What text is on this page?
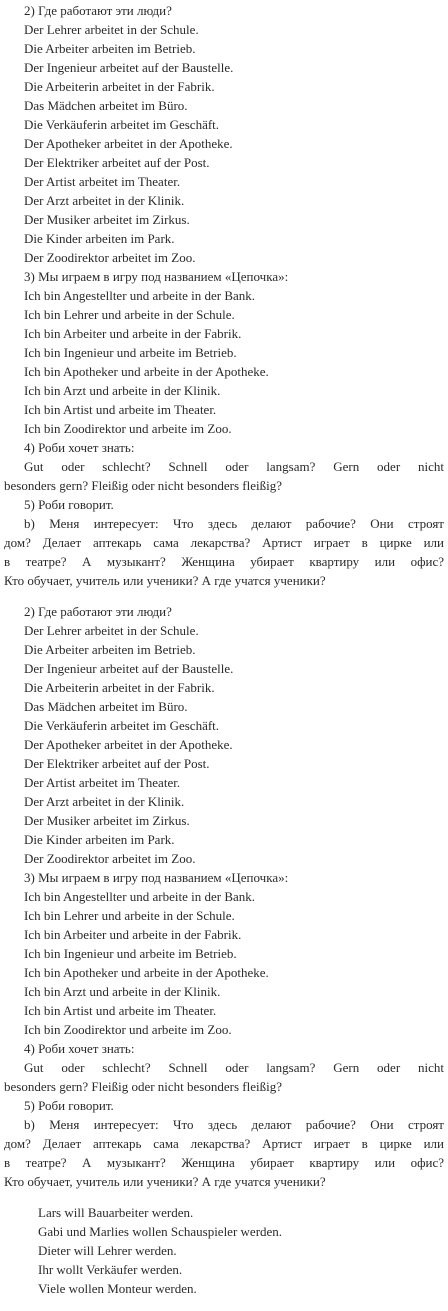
2) Где работают эти люди?
Der Lehrer arbeitet in der Schule.
Die Arbeiter arbeiten im Betrieb.
Der Ingenieur arbeitet auf der Baustelle.
Die Arbeiterin arbeitet in der Fabrik.
Das Mädchen arbeitet im Büro.
Die Verkäuferin arbeitet im Geschäft.
Der Apotheker arbeitet in der Apotheke.
Der Elektriker arbeitet auf der Post.
Der Artist arbeitet im Theater.
Der Arzt arbeitet in der Klinik.
Der Musiker arbeitet im Zirkus.
Die Kinder arbeiten im Park.
Der Zoodirektor arbeitet im Zoo.
3) Мы играем в игру под названием «Цепочка»:
Ich bin Angestellter und arbeite in der Bank.
Ich bin Lehrer und arbeite in der Schule.
Ich bin Arbeiter und arbeite in der Fabrik.
Ich bin Ingenieur und arbeite im Betrieb.
Ich bin Apotheker und arbeite in der Apotheke.
Ich bin Arzt und arbeite in der Klinik.
Ich bin Artist und arbeite im Theater.
Ich bin Zoodirektor und arbeite im Zoo.
4) Роби хочет знать:
Gut oder schlecht? Schnell oder langsam? Gern oder nicht
besonders gern? Fleißig oder nicht besonders fleißig?
5) Роби говорит.
b) Меня интересует: Что здесь делают рабочие? Они строят
дом? Делает аптекарь сама лекарства? Артист играет в цирке или
в театре? А музыкант? Женщина убирает квартиру или офис?
Кто обучает, учитель или ученики? А где учатся ученики?
2) Где работают эти люди?
Der Lehrer arbeitet in der Schule.
Die Arbeiter arbeiten im Betrieb.
Der Ingenieur arbeitet auf der Baustelle.
Die Arbeiterin arbeitet in der Fabrik.
Das Mädchen arbeitet im Büro.
Die Verkäuferin arbeitet im Geschäft.
Der Apotheker arbeitet in der Apotheke.
Der Elektriker arbeitet auf der Post.
Der Artist arbeitet im Theater.
Der Arzt arbeitet in der Klinik.
Der Musiker arbeitet im Zirkus.
Die Kinder arbeiten im Park.
Der Zoodirektor arbeitet im Zoo.
3) Мы играем в игру под названием «Цепочка»:
Ich bin Angestellter und arbeite in der Bank.
Ich bin Lehrer und arbeite in der Schule.
Ich bin Arbeiter und arbeite in der Fabrik.
Ich bin Ingenieur und arbeite im Betrieb.
Ich bin Apotheker und arbeite in der Apotheke.
Ich bin Arzt und arbeite in der Klinik.
Ich bin Artist und arbeite im Theater.
Ich bin Zoodirektor und arbeite im Zoo.
4) Роби хочет знать:
Gut oder schlecht? Schnell oder langsam? Gern oder nicht
besonders gern? Fleißig oder nicht besonders fleißig?
5) Роби говорит.
b) Меня интересует: Что здесь делают рабочие? Они строят
дом? Делает аптекарь сама лекарства? Артист играет в цирке или
в театре? А музыкант? Женщина убирает квартиру или офис?
Кто обучает, учитель или ученики? А где учатся ученики?
Lars will Bauarbeiter werden.
Gabi und Marlies wollen Schauspieler werden.
Dieter will Lehrer werden.
Ihr wollt Verkäufer werden.
Viele wollen Monteur werden.
